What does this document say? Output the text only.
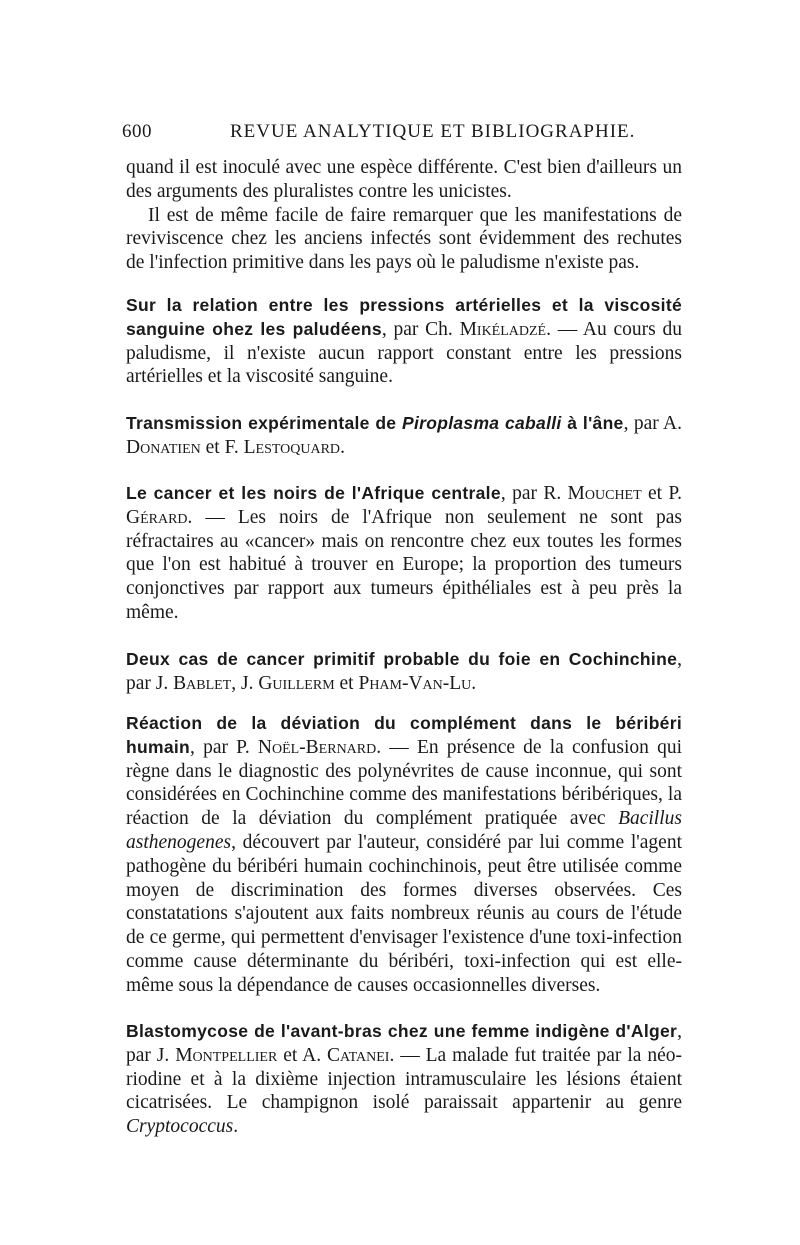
600	REVUE ANALYTIQUE ET BIBLIOGRAPHIE.

quand il est inoculé avec une espèce différente. C'est bien d'ailleurs un des arguments des pluralistes contre les unicistes.

Il est de même facile de faire remarquer que les manifestations de reviviscence chez les anciens infectés sont évidemment des rechutes de l'infection primitive dans les pays où le paludisme n'existe pas.

Sur la relation entre les pressions artérielles et la viscosité sanguine ohez les paludéens, par Ch. Mikéladzé. — Au cours du paludisme, il n'existe aucun rapport constant entre les pressions artérielles et la viscosité sanguine.

Transmission expérimentale de Piroplasma caballi à l'âne, par A. Donatien et F. Lestoquard.

Le cancer et les noirs de l'Afrique centrale, par R. Mouchet et P. Gérard. — Les noirs de l'Afrique non seulement ne sont pas réfractaires au «cancer» mais on rencontre chez eux toutes les formes que l'on est habitué à trouver en Europe; la proportion des tumeurs conjonctives par rapport aux tumeurs épithéliales est à peu près la même.

Deux cas de cancer primitif probable du foie en Cochinchine, par J. Bablet, J. Guillerm et Pham-Van-Lu.

Réaction de la déviation du complément dans le béribéri humain, par P. Noël-Bernard. — En présence de la confusion qui règne dans le diagnostic des polynévrites de cause inconnue, qui sont considérées en Cochinchine comme des manifestations béribériques, la réaction de la déviation du complément pratiquée avec Bacillus asthenogenes, découvert par l'auteur, considéré par lui comme l'agent pathogène du béribéri humain cochinchinois, peut être utilisée comme moyen de discrimination des formes diverses observées. Ces constatations s'ajoutent aux faits nombreux réunis au cours de l'étude de ce germe, qui permettent d'envisager l'existence d'une toxi-infection comme cause déterminante du béribéri, toxi-infection qui est elle-même sous la dépendance de causes occasionnelles diverses.

Blastomycose de l'avant-bras chez une femme indigène d'Alger, par J. Montpellier et A. Catanei. — La malade fut traitée par la néo-riodine et à la dixième injection intramusculaire les lésions étaient cicatrisées. Le champignon isolé paraissait appartenir au genre Cryptococcus.
